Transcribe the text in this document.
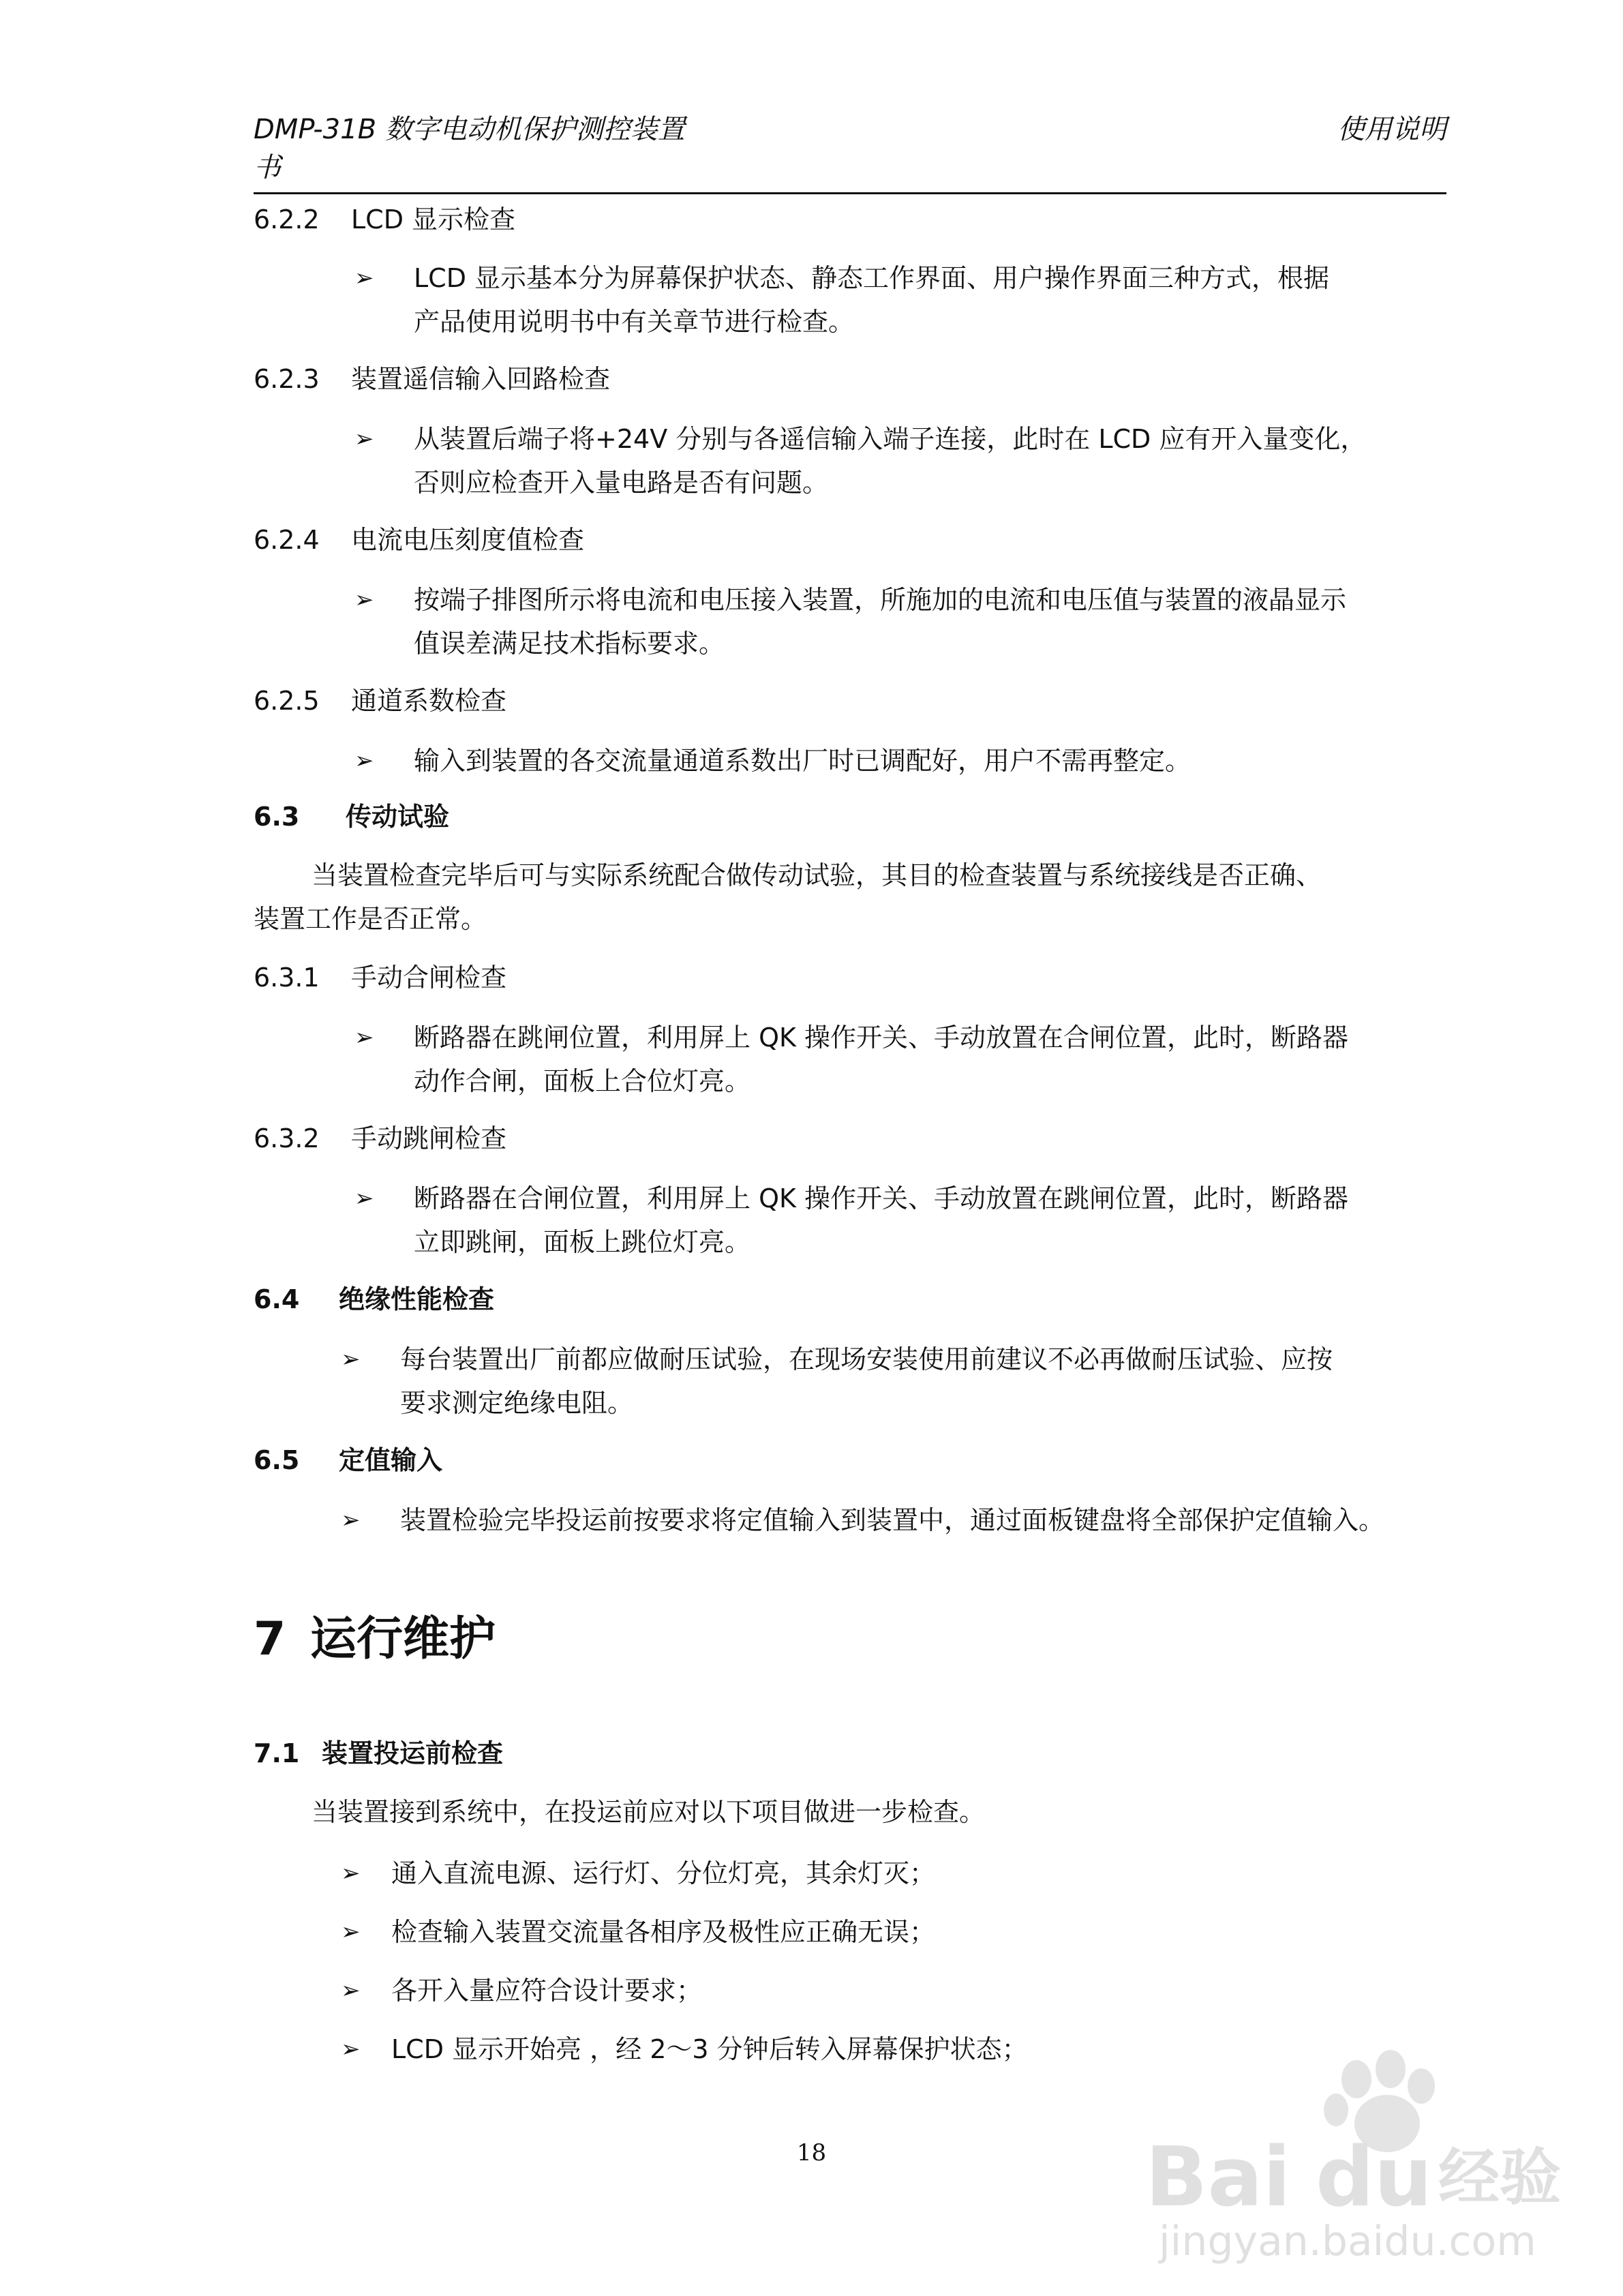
DMP-31B 数字电动机保护测控装置
书
使用说明
6.2.2 LCD 显示检查
➢ LCD 显示基本分为屏幕保护状态、静态工作界面、用户操作界面三种方式，根据
产品使用说明书中有关章节进行检查。
6.2.3 装置遥信输入回路检查
➢ 从装置后端子将+24V 分别与各遥信输入端子连接，此时在 LCD 应有开入量变化，
否则应检查开入量电路是否有问题。
6.2.4 电流电压刻度值检查
➢ 按端子排图所示将电流和电压接入装置，所施加的电流和电压值与装置的液晶显示
值误差满足技术指标要求。
6.2.5 通道系数检查
➢ 输入到装置的各交流量通道系数出厂时已调配好，用户不需再整定。
6.3 传动试验
当装置检查完毕后可与实际系统配合做传动试验，其目的检查装置与系统接线是否正确、
装置工作是否正常。
6.3.1 手动合闸检查
➢ 断路器在跳闸位置，利用屏上 QK 操作开关、手动放置在合闸位置，此时，断路器
动作合闸，面板上合位灯亮。
6.3.2 手动跳闸检查
➢ 断路器在合闸位置，利用屏上 QK 操作开关、手动放置在跳闸位置，此时，断路器
立即跳闸，面板上跳位灯亮。
6.4 绝缘性能检查
➢ 每台装置出厂前都应做耐压试验，在现场安装使用前建议不必再做耐压试验、应按
要求测定绝缘电阻。
6.5 定值输入
➢ 装置检验完毕投运前按要求将定值输入到装置中，通过面板键盘将全部保护定值输入。
7 运行维护
7.1 装置投运前检查
当装置接到系统中，在投运前应对以下项目做进一步检查。
➢ 通入直流电源、运行灯、分位灯亮，其余灯灭；
➢ 检查输入装置交流量各相序及极性应正确无误；
➢ 各开入量应符合设计要求；
➢ LCD 显示开始亮 ，经 2～3 分钟后转入屏幕保护状态；
18	Bai du 经验
jingyan.baidu.com
